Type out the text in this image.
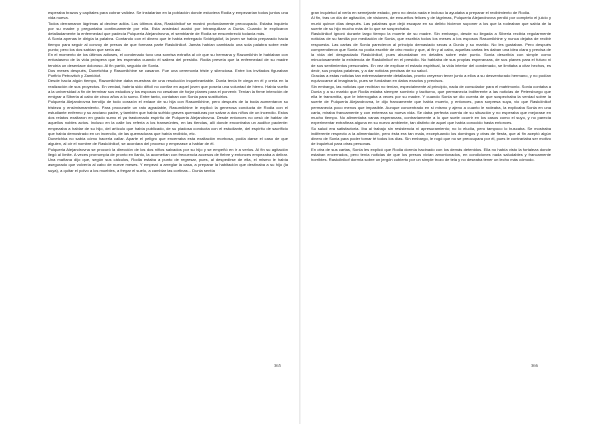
esperaba brazos y capitales para cobrar validez. Se instalarían en la población donde estuviera Rodia y empezarían todos juntos una vida nueva.

Todos derramaron lágrimas al decirse adiós. Los últimos días, Raskólnikof se mostró profundamente preocupado. Estaba inquieto por su madre y preguntaba continuamente por ella. Esta ansiedad acabó por intranquilizar a Dunia. Cuando le explicaron detalladamente la enfermedad que padecía Pulqueria Alejandrovna, el semblante de Rodia se ensombreció todavía más.

A Sonia apenas le dirigía la palabra. Contando con el dinero que le había entregado Svidrigáilof, la joven se había preparado hacía tiempo para seguir al convoy de presos de que formara parte Raskólnikof. Jamás habían cambiado una sola palabra sobre este punto; pero los dos sabían que sería así.

En el momento de los últimos adioses, el condenado tuvo una sonrisa extraña al oír que su hermana y Razumikhin le hablaban con entusiasmo de la vida próspera que les esperaba cuando él saliera del presidio. Rodia preveía que la enfermedad de su madre tendría un desenlace doloroso. Al fin partió, seguido de Sonia.

Dos meses después, Dunetchka y Rasumikhine se casaron. Fue una ceremonia triste y silenciosa. Entre los invitados figuraban Porfirio Petrovitch y Zamiótof.

Desde hacía algún tiempo, Razumikhine daba muestras de una resolución inquebrantable. Dunia tenía fe ciega en él y creía en la realización de sus proyectos. En verdad, habría sido difícil no confiar en aquel joven que poseía una voluntad de hierro. Había vuelto a la universidad a fin de terminar sus estudios y los esposos no cesaban de forjar planes para el porvenir. Tenían la firme intención de emigrar a Siberia al cabo de cinco años a lo sumo. Entre tanto, contaban con Sonia para sustituirlos.

Pulqueria Alejandrovna bendijo de todo corazón el enlace de su hija con Rasumikhine, pero después de la boda aumentaron su tristeza y ensimismamiento. Para procurarle un rato agradable, Rasumikhine le explicó la generosa conducta de Rodia con el estudiante enfermo y su anciano padre, y también que había sufrido graves quemaduras por salvar a dos niños de un incendio. Estos dos relatos exaltaron en grado sumo el ya trastornado espíritu de Pulqueria Alejandrovna. Desde entonces no cesó de hablar de aquellos nobles actos. Incluso en la calle los refería a los transeúntes, en las tiendas, allí donde encontraba un auditor paciente: empezaba a hablar de su hijo, del artículo que había publicado, de su piadosa conducta con el estudiante, del espíritu de sacrificio que había demostrado en un incendio, de las quemaduras que había recibido, etc.

Dunetchka no sabía cómo hacerla callar. Aparte el peligro que encerraba esta exaltación morbosa, podía darse el caso de que alguien, al oír el nombre de Raskólnikof, se acordara del proceso y empezase a hablar de él.

Pulqueria Alejandrovna se procuró la dirección de los dos niños salvados por su hijo y se empeñó en ir a verlos. Al fin su agitación llegó al límite. A veces prorrumpía de pronto en llanto, la acometían con frecuencia accesos de fiebre y entonces empezaba a delirar. Una mañana dijo que, según sus cálculos, Rodia estaba a punto de regresar, pues, al despedirse de ella, el mismo le había asegurado que volvería al cabo de nueve meses. Y empezó a arreglar la casa, a preparar la habitación que destinaba a su hijo (la suya), a quitar el polvo a los muebles, a fregar el suelo, a cambiar las cortinas... Dunia sentía

365

gran inquietud al verla en semejante estado, pero no decía nada e incluso la ayudaba a preparar el recibimiento de Rodia.

Al fin, tras un día de agitación, de visiones, de ensueños felices y de lágrimas, Pulqueria Alejandrovna perdió por completo el juicio y murió quince días después. Las palabras que dejó escapar en su delirio hicieron suponer a los que la rodeaban que sabía de la suerte de su hijo mucho más de lo que se sospechaba.

Raskólnikof ignoró durante largo tiempo la muerte de su madre. Sin embargo, desde su llegada a Siberia recibía regularmente noticias de su familia por mediación de Sonia, que escribía todos los meses a los esposos Rasumikhine y nunca dejaba de recibir respuesta. Las cartas de Sonia parecieron al principio demasiado secas a Dunia y su marido. No les gustaban. Pero después comprendieron que Sonia no podía escribir de otro modo y que, al fin y al cabo, aquellas cartas les daban una idea clara y precisa de la vida del desgraciado Raskólnikof, pues abundaban en detalles sobre este punto. Sonia describía con simple como minuciosamente la existencia de Raskólnikof en el presidio. No hablaba de sus propias esperanzas, de sus planes para el futuro ni de sus sentimientos personales. En vez de explicar el estado espiritual, la vida interior del condenado, se limitaba a citar hechos, es decir, sus propias palabras, y a dar noticias precisas de su salud.

Gracias a estas noticias tan extremadamente detalladas, pronto creyeron tener junto a ellos a su desventurado hermano, y no podían equivocarse al imaginarlo, pues se fundaban en datos exactos y precisos.

Sin embargo, las noticias que recibían no tenían, especialmente al principio, nada de consolador para el matrimonio. Sonia contaba a Dunia y a su marido que Rodia estaba siempre sombrío y taciturno, que permanecía indiferente a las noticias de Petersburgo que ella le transmitía, que le interrogaba a veces por su madre. Y cuando Sonia se dio cuenta de que sospechaba la verdad sobre la suerte de Pulqueria Alejandrovna, le dijo francamente que había muerto, y entonces, para sorpresa suya, vio que Raskólnikof permanecía poco menos que impasible. Aunque concentrado en sí mismo y ajeno a cuanto le rodeaba, la explicaba Sonia en una carta, miraba francamente y con entereza su nueva vida. Se daba perfecta cuenta de su situación y no esperaba que mejorase en mucho tiempo. No alimentaba vanas esperanzas, contrariamente a lo que suele ocurrir en los casos como el suyo, y no parecía experimentar extrañeza alguna en su nuevo ambiente, tan distinto de aquel que había conocido hasta entonces.

Su salud era satisfactoria. Iba al trabajo sin resistencia ni apresuramiento; no lo eludía, pero tampoco lo buscaba. Se mostraba indiferente respecto a la alimentación, pero ésta era tan mala, exceptuando los domingos y otras de fiesta, que al fin aceptó algún dinero de Sonia para poder tomar té todos los días. Sin embargo, le rogó que no se preocupara por él, pues le contrariaba ser motivo de inquietud para otras personas.

En otra de sus cartas, Sonia les explicó que Rodia dormía hacinado con los demás detenidos. Ella no había visto la fortaleza donde estaban encerrados, pero tenía noticias de que los presos vivían amontonados, en condiciones nada saludables y francamente horribles. Raskólnikof dormía sobre un jergón cubierto por un simple trozo de tela y no deseaba tener un lecho más cómodo.

366
